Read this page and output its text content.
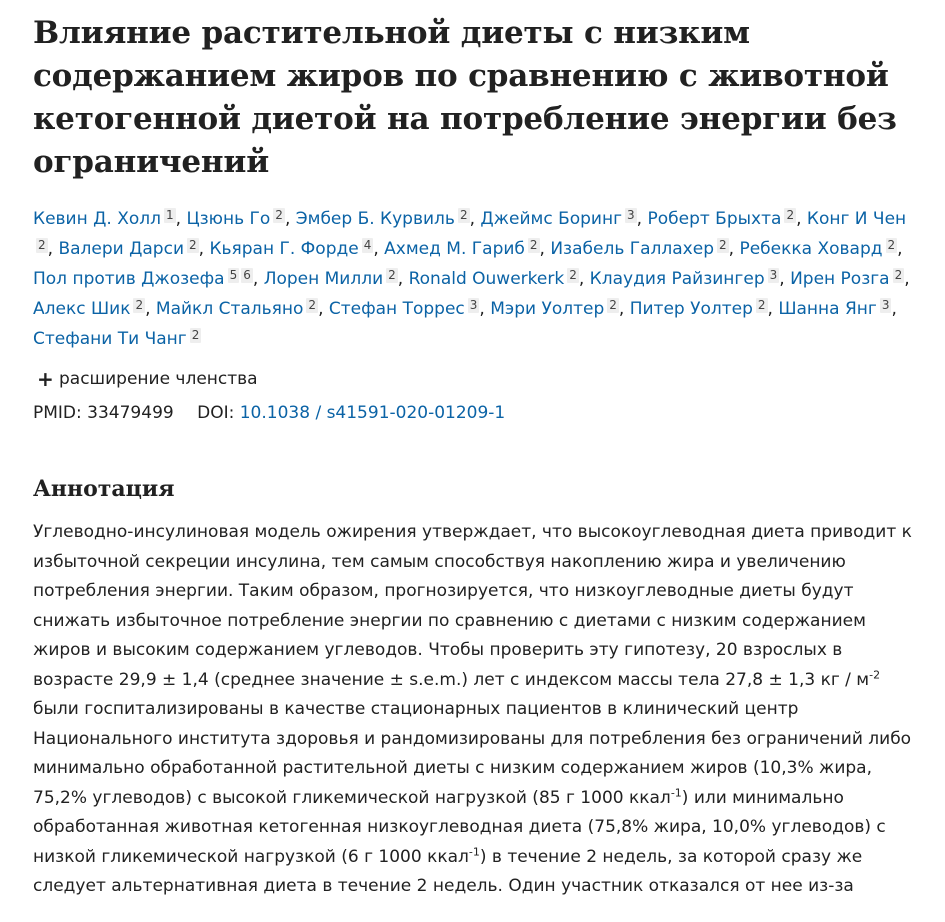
Влияние растительной диеты с низким содержанием жиров по сравнению с животной кетогенной диетой на потребление энергии без ограничений
Кевин Д. Холл 1 , Цзюнь Го 2 , Эмбер Б. Курвиль 2 , Джеймс Боринг 3 , Роберт Брыхта 2 , Конг И Чен2 , Валери Дарси 2 , Кьяран Г. Форде 4 , Ахмед М. Гариб 2 , Изабель Галлахер 2 , Ребекка Ховард 2 , Пол против Джозефа 5 6 , Лорен Милли 2 , Ronald Ouwerkerk 2 , Клаудия Райзингер 3 , Ирен Розга 2 , Алекс Шик 2 , Майкл Стальяно 2 , Стефан Торрес 3 , Мэри Уолтер 2 , Питер Уолтер 2 , Шанна Янг 3 , Стефани Ти Чанг 2
+ расширение членства
PMID: 33479499 DOI: 10.1038 / s41591-020-01209-1
Аннотация
Углеводно-инсулиновая модель ожирения утверждает, что высокоуглеводная диета приводит к избыточной секреции инсулина, тем самым способствуя накоплению жира и увеличению потребления энергии. Таким образом, прогнозируется, что низкоуглеводные диеты будут снижать избыточное потребление энергии по сравнению с диетами с низким содержанием жиров и высоким содержанием углеводов. Чтобы проверить эту гипотезу, 20 взрослых в возрасте 29,9 ± 1,4 (среднее значение ± s.e.m.) лет с индексом массы тела 27,8 ± 1,3 кг / $м^{-2}$ были госпитализированы в качестве стационарных пациентов в клинический центр Национального института здоровья и рандомизированы для потребления без ограничений либо минимально обработанной растительной диеты с низким содержанием жиров (10,3% жира, 75,2% углеводов) с высокой гликемической нагрузкой (85 г 1000 ккал$^{-1}$) или минимально обработанная животная кетогенная низкоуглеводная диета (75,8% жира, 10,0% углеводов) с низкой гликемической нагрузкой (6 г 1000 ккал$^{-1}$) в течение 2 недель, за которой сразу же следует альтернативная диета в течение 2 недель. Один участник отказался от нее из-за
